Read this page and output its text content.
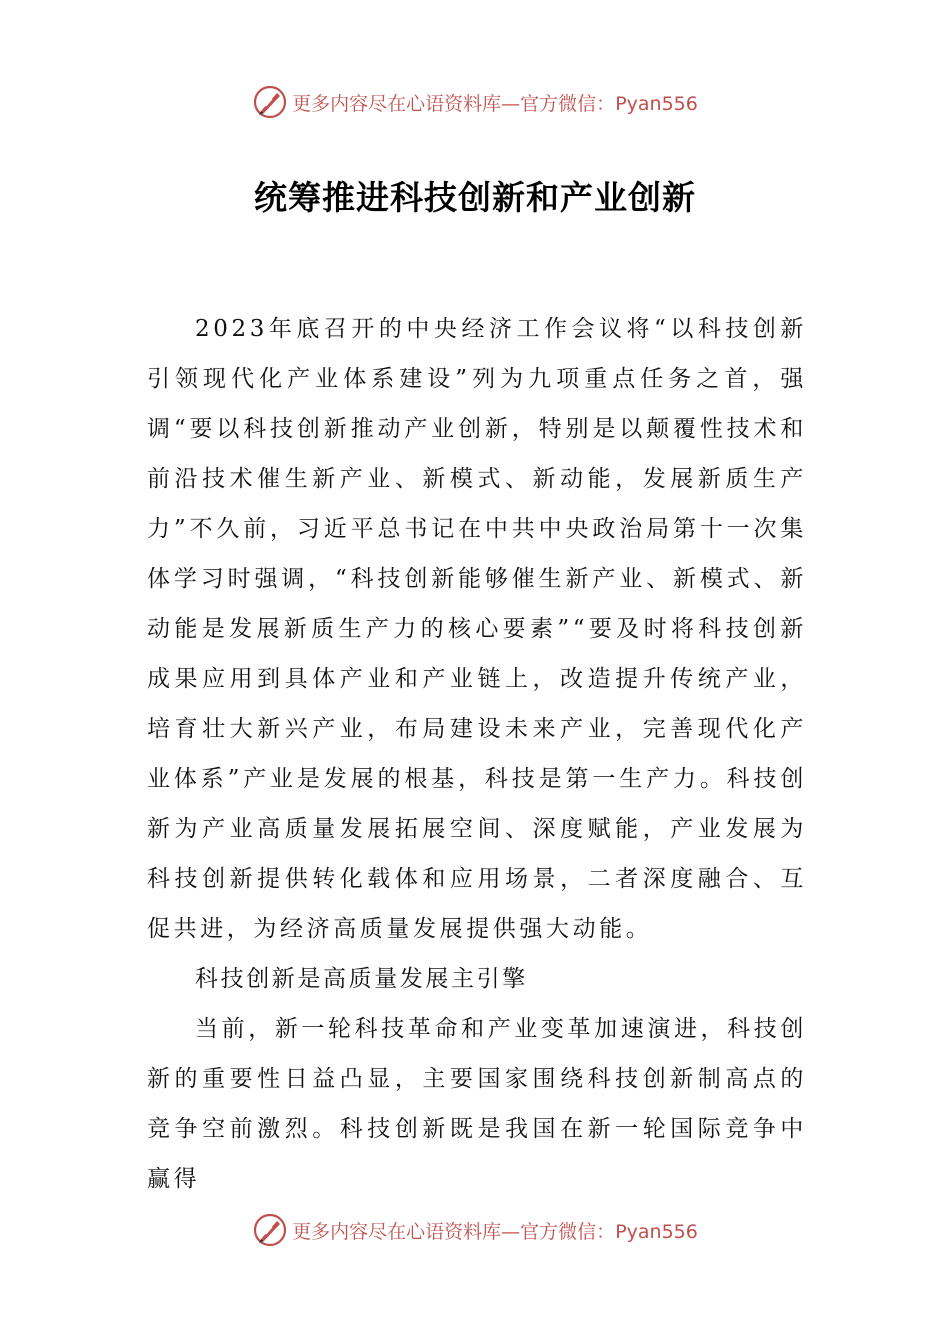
更多内容尽在心语资料库—官方微信：Pyan556
统筹推进科技创新和产业创新

2023年底召开的中央经济工作会议将“以科技创新引领现代化产业体系建设”列为九项重点任务之首，强调“要以科技创新推动产业创新，特别是以颠覆性技术和前沿技术催生新产业、新模式、新动能，发展新质生产力”不久前，习近平总书记在中共中央政治局第十一次集体学习时强调，“科技创新能够催生新产业、新模式、新动能是发展新质生产力的核心要素”“要及时将科技创新成果应用到具体产业和产业链上，改造提升传统产业，培育壮大新兴产业，布局建设未来产业，完善现代化产业体系”产业是发展的根基，科技是第一生产力。科技创新为产业高质量发展拓展空间、深度赋能，产业发展为科技创新提供转化载体和应用场景，二者深度融合、互促共进，为经济高质量发展提供强大动能。

科技创新是高质量发展主引擎

当前，新一轮科技革命和产业变革加速演进，科技创新的重要性日益凸显，主要国家围绕科技创新制高点的竞争空前激烈。科技创新既是我国在新一轮国际竞争中赢得

更多内容尽在心语资料库—官方微信：Pyan556
